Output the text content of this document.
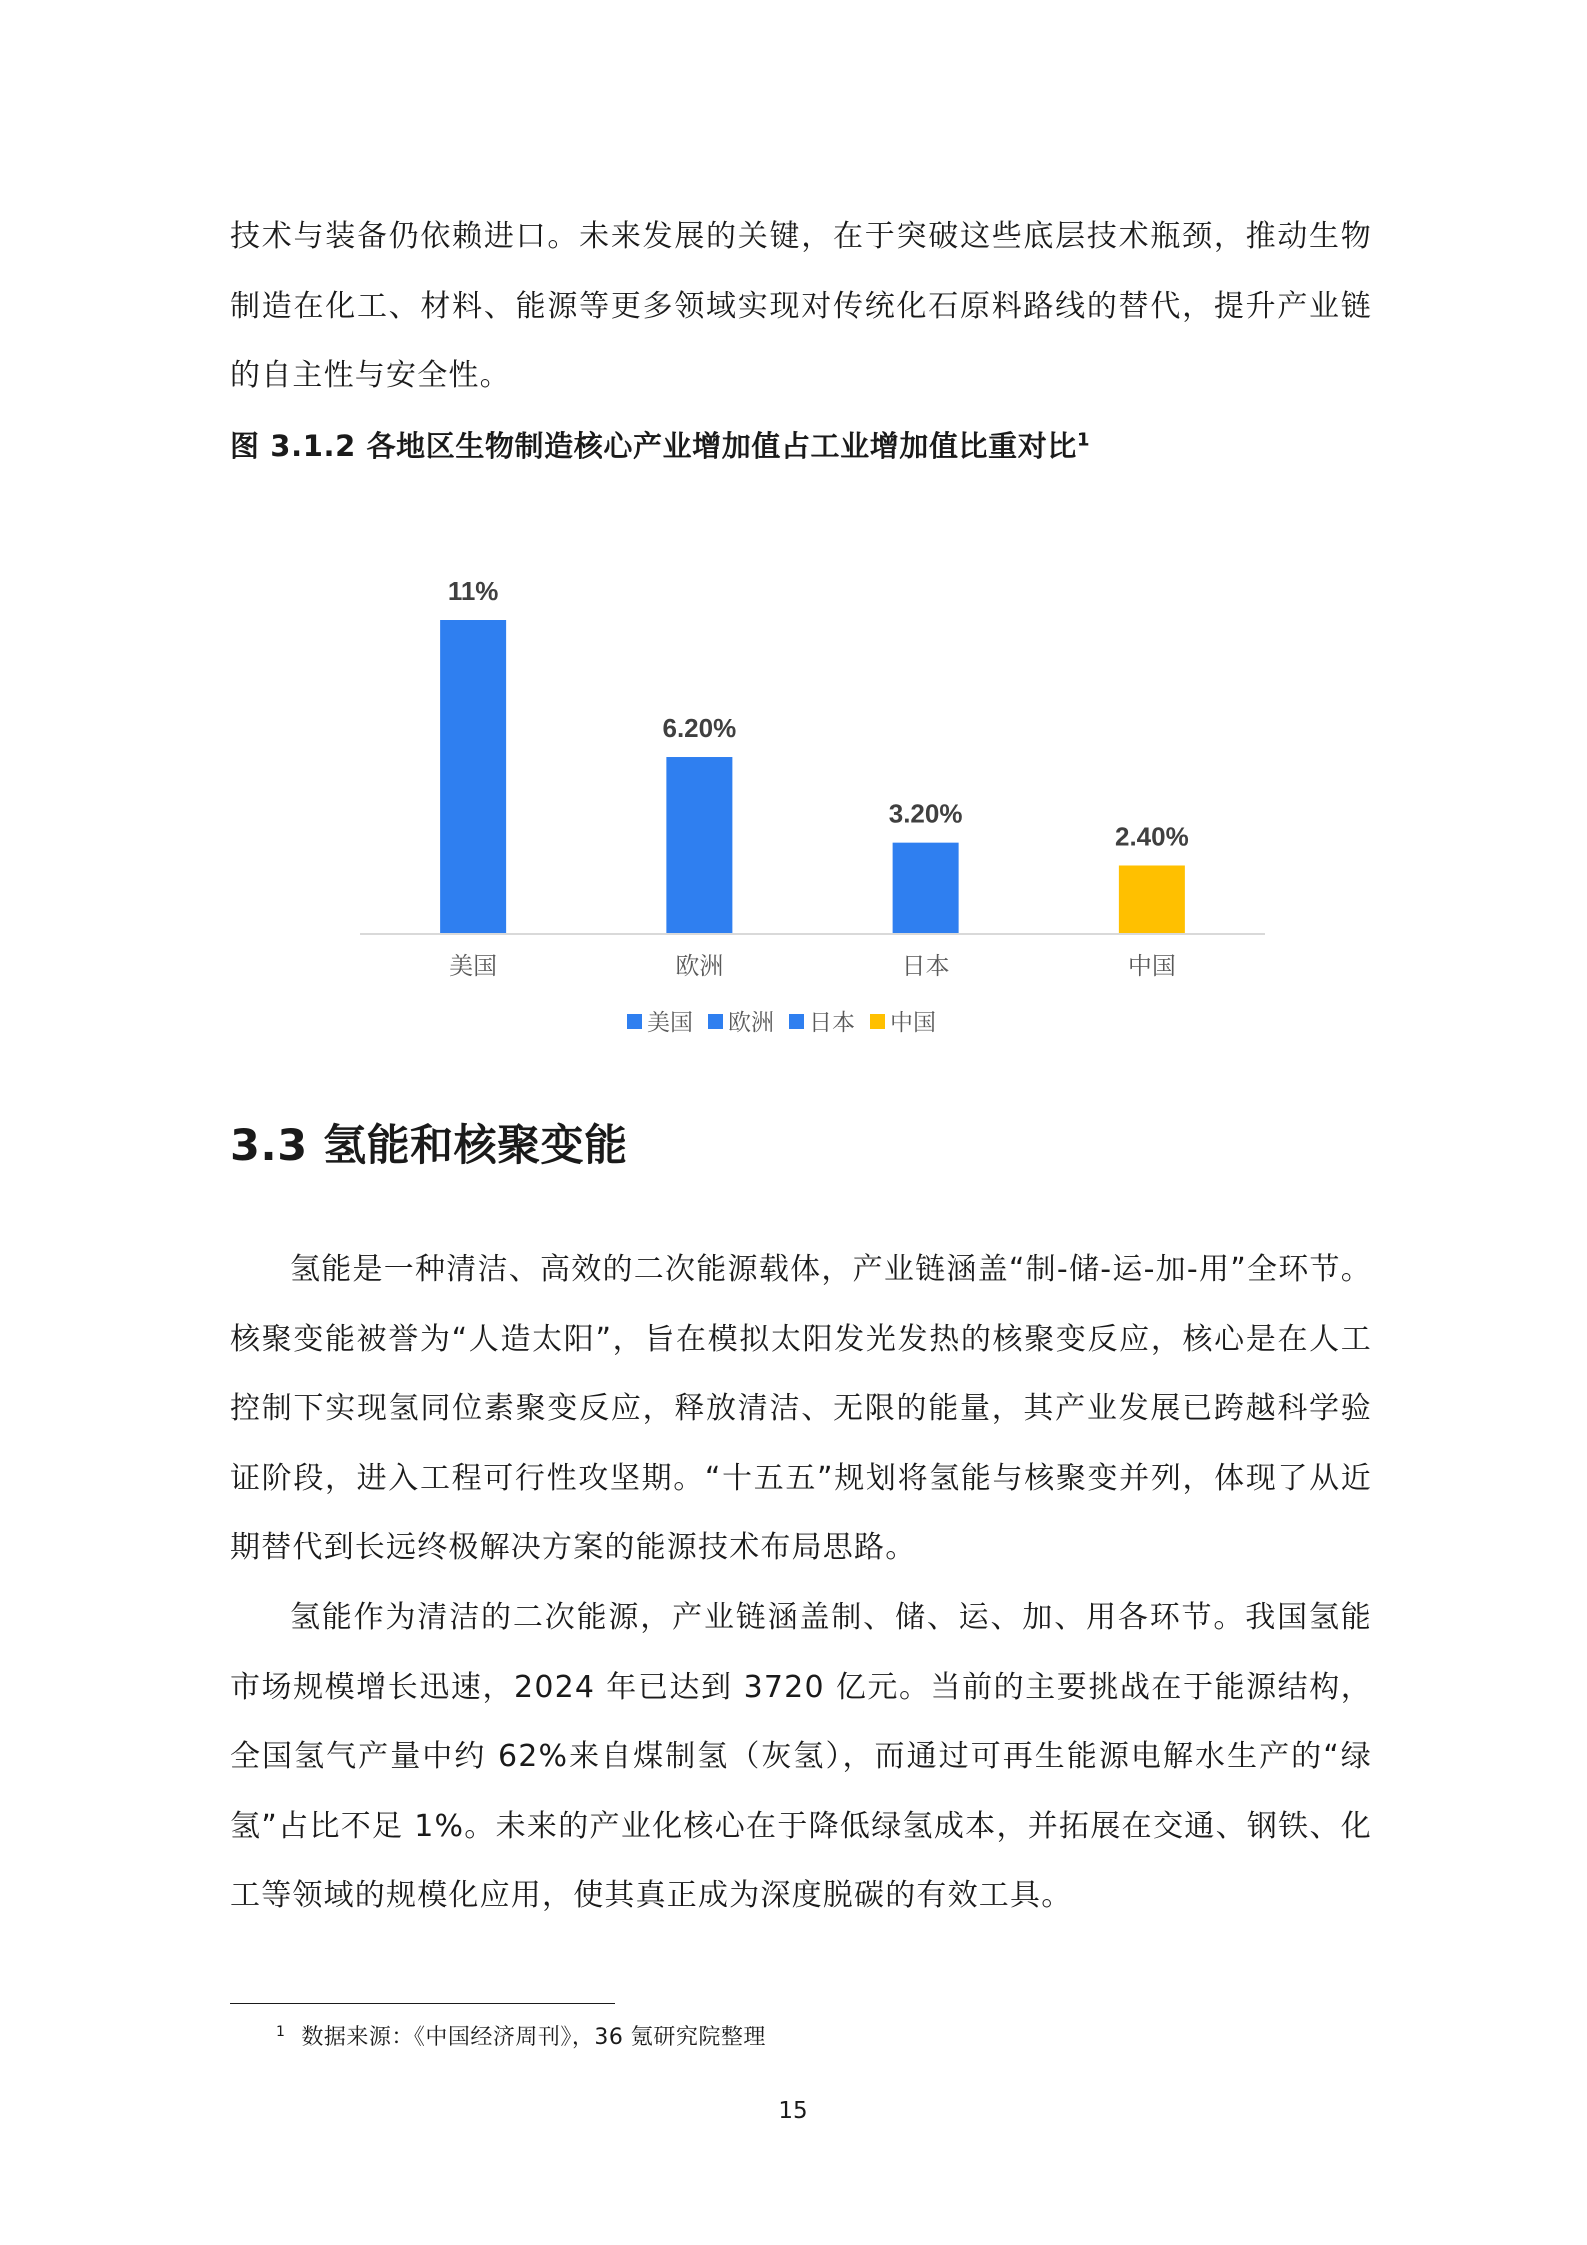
技术与装备仍依赖进口。未来发展的关键，在于突破这些底层技术瓶颈，推动生物制造在化工、材料、能源等更多领域实现对传统化石原料路线的替代，提升产业链的自主性与安全性。
图 3.1.2 各地区生物制造核心产业增加值占工业增加值比重对比$^1$
11%
6.20%
3.20%
2.40%
美国	欧洲	日本	中国
美国 欧洲 日本 中国
3.3 氢能和核聚变能
氢能是一种清洁、高效的二次能源载体，产业链涵盖“制-储-运-加-用”全环节。核聚变能被誉为“人造太阳”，旨在模拟太阳发光发热的核聚变反应，核心是在人工控制下实现氢同位素聚变反应，释放清洁、无限的能量，其产业发展已跨越科学验证阶段，进入工程可行性攻坚期。“十五五”规划将氢能与核聚变并列，体现了从近期替代到长远终极解决方案的能源技术布局思路。
氢能作为清洁的二次能源，产业链涵盖制、储、运、加、用各环节。我国氢能市场规模增长迅速，2024 年已达到 3720 亿元。当前的主要挑战在于能源结构，全国氢气产量中约 62%来自煤制氢（灰氢），而通过可再生能源电解水生产的“绿氢”占比不足 1%。未来的产业化核心在于降低绿氢成本，并拓展在交通、钢铁、化工等领域的规模化应用，使其真正成为深度脱碳的有效工具。
$^1$ 数据来源：《中国经济周刊》，36 氪研究院整理
15
